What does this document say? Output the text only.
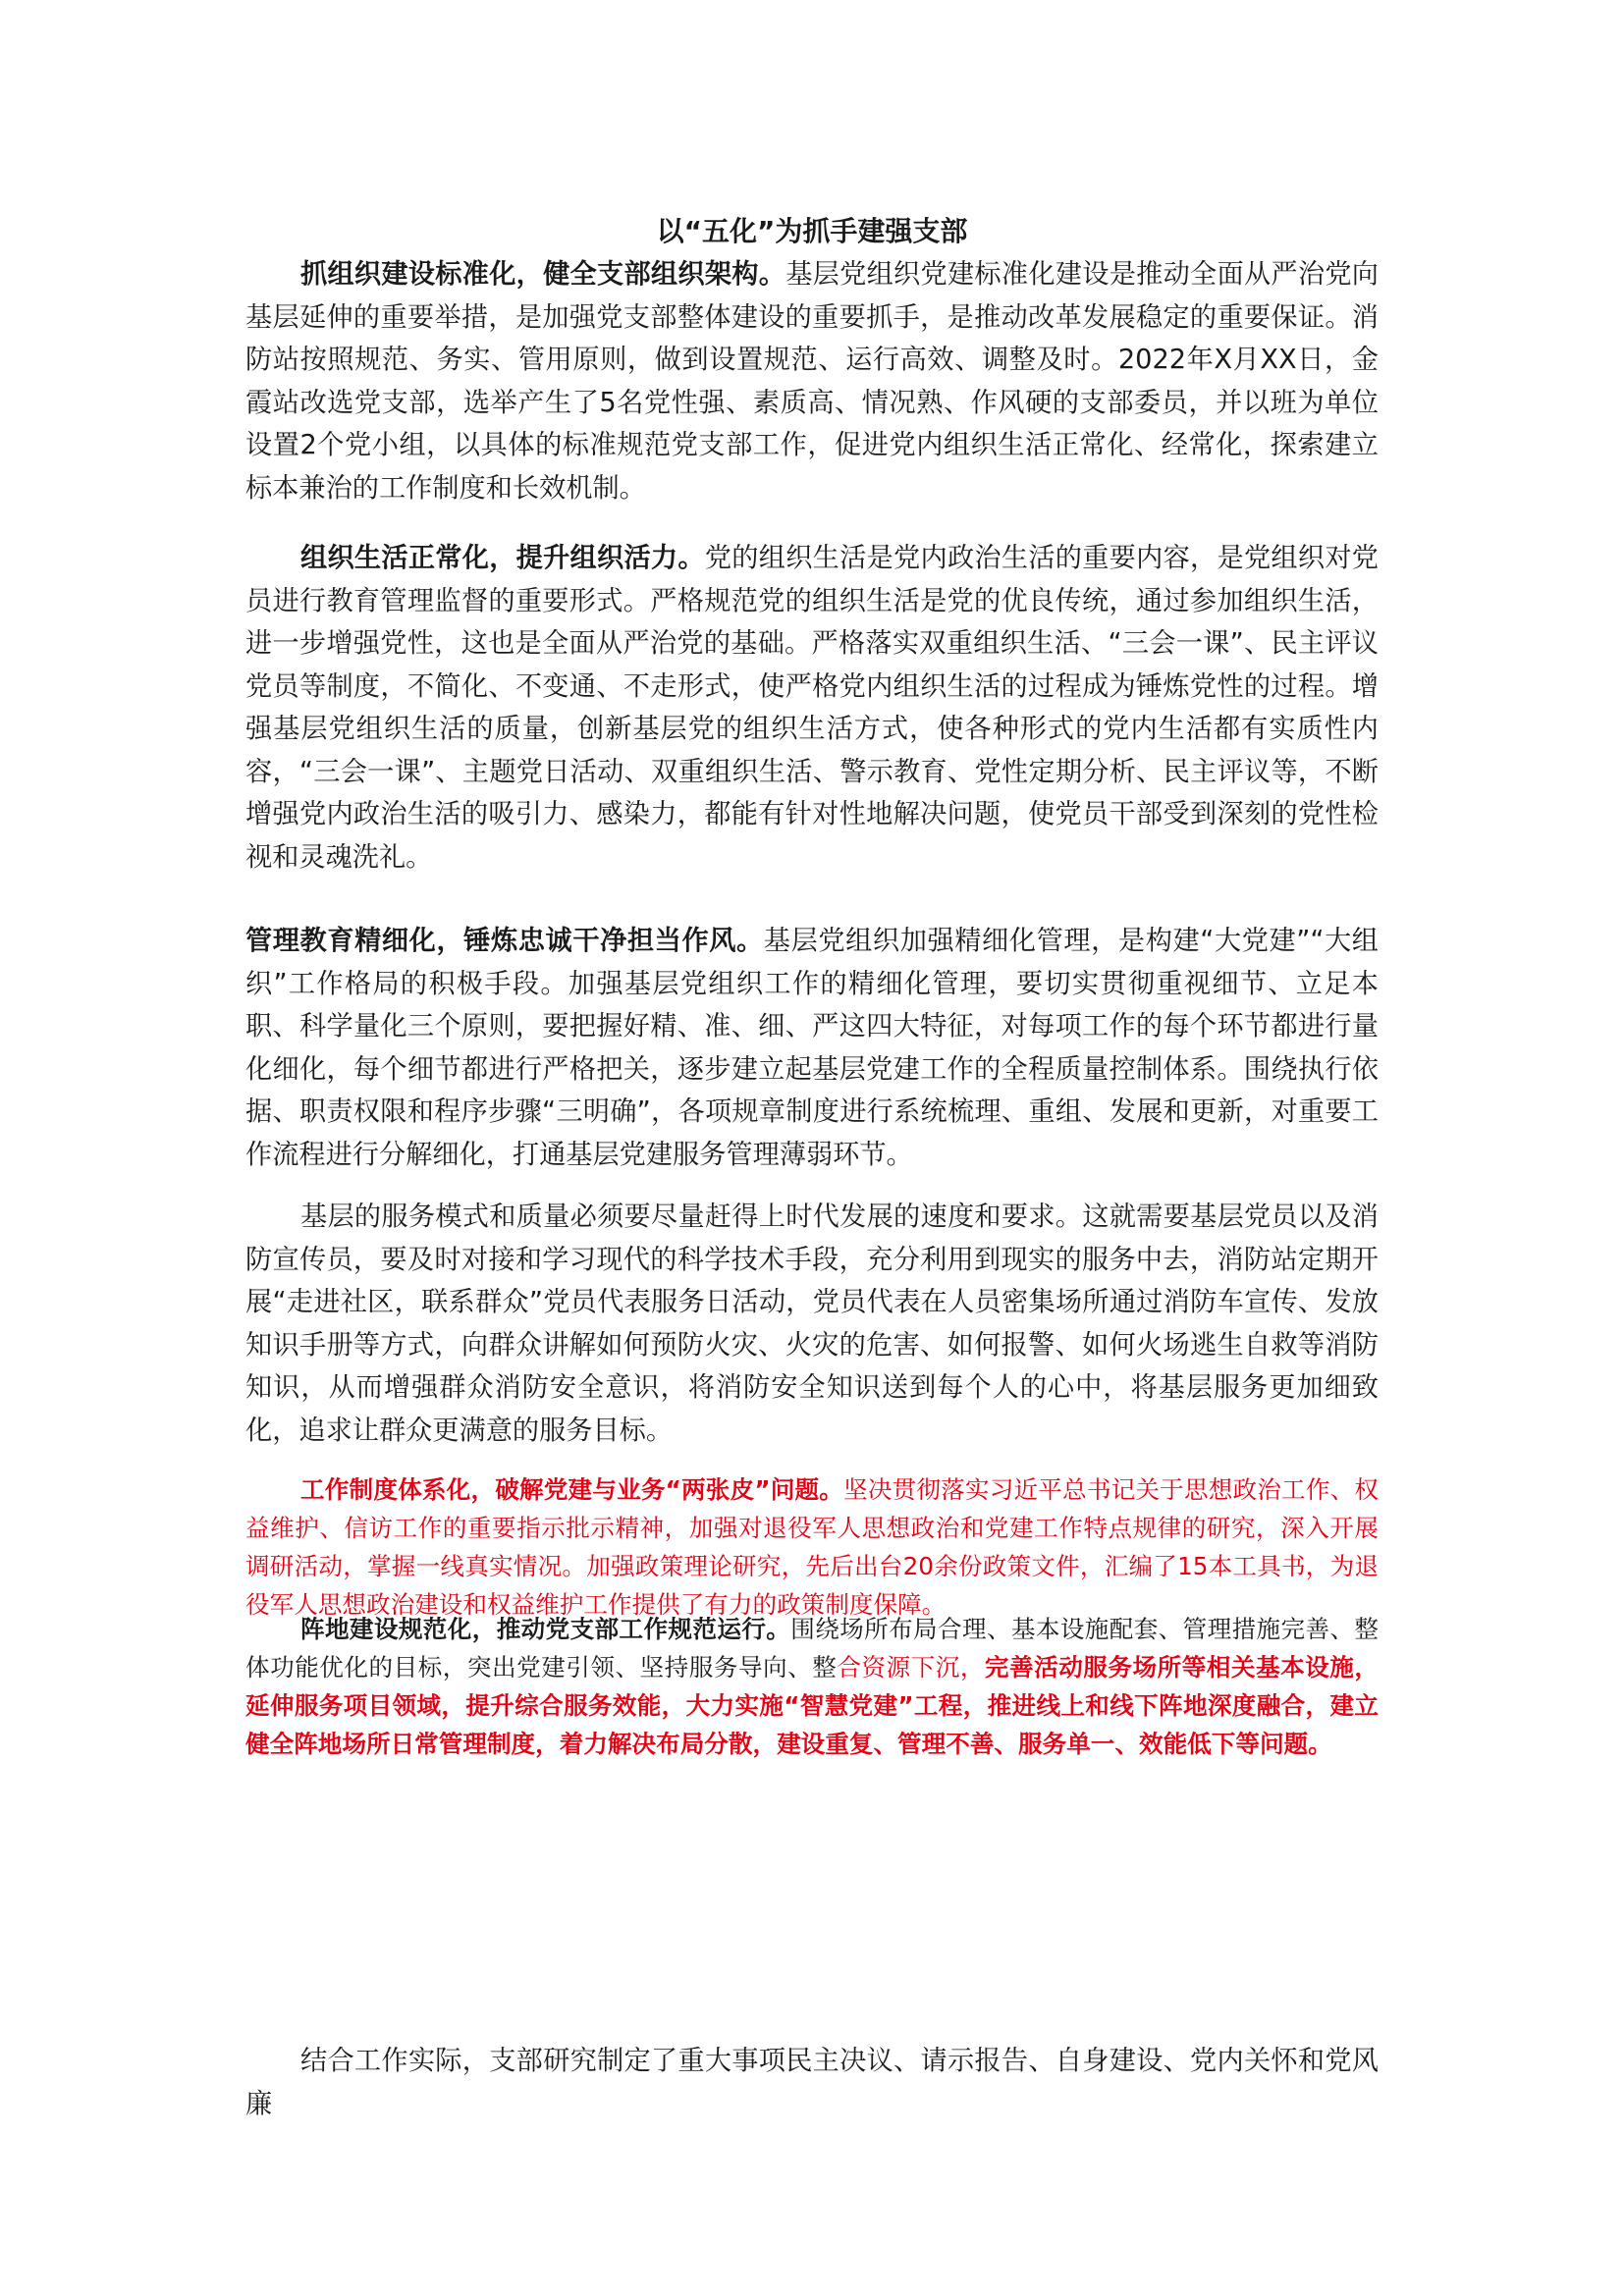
以“五化”为抓手建强支部

抓组织建设标准化，健全支部组织架构。基层党组织党建标准化建设是推动全面从严治党向基层延伸的重要举措，是加强党支部整体建设的重要抓手，是推动改革发展稳定的重要保证。消防站按照规范、务实、管用原则，做到设置规范、运行高效、调整及时。2022年X月XX日，金霞站改选党支部，选举产生了5名党性强、素质高、情况熟、作风硬的支部委员，并以班为单位设置2个党小组，以具体的标准规范党支部工作，促进党内组织生活正常化、经常化，探索建立标本兼治的工作制度和长效机制。

组织生活正常化，提升组织活力。党的组织生活是党内政治生活的重要内容，是党组织对党员进行教育管理监督的重要形式。严格规范党的组织生活是党的优良传统，通过参加组织生活，进一步增强党性，这也是全面从严治党的基础。严格落实双重组织生活、“三会一课”、民主评议党员等制度，不简化、不变通、不走形式，使严格党内组织生活的过程成为锤炼党性的过程。增强基层党组织生活的质量，创新基层党的组织生活方式，使各种形式的党内生活都有实质性内容，“三会一课”、主题党日活动、双重组织生活、警示教育、党性定期分析、民主评议等，不断增强党内政治生活的吸引力、感染力，都能有针对性地解决问题，使党员干部受到深刻的党性检视和灵魂洗礼。

管理教育精细化，锤炼忠诚干净担当作风。基层党组织加强精细化管理，是构建“大党建”“大组织”工作格局的积极手段。加强基层党组织工作的精细化管理，要切实贯彻重视细节、立足本职、科学量化三个原则，要把握好精、准、细、严这四大特征，对每项工作的每个环节都进行量化细化，每个细节都进行严格把关，逐步建立起基层党建工作的全程质量控制体系。围绕执行依据、职责权限和程序步骤“三明确”，各项规章制度进行系统梳理、重组、发展和更新，对重要工作流程进行分解细化，打通基层党建服务管理薄弱环节。

基层的服务模式和质量必须要尽量赶得上时代发展的速度和要求。这就需要基层党员以及消防宣传员，要及时对接和学习现代的科学技术手段，充分利用到现实的服务中去，消防站定期开展“走进社区，联系群众”党员代表服务日活动，党员代表在人员密集场所通过消防车宣传、发放知识手册等方式，向群众讲解如何预防火灾、火灾的危害、如何报警、如何火场逃生自救等消防知识，从而增强群众消防安全意识，将消防安全知识送到每个人的心中，将基层服务更加细致化，追求让群众更满意的服务目标。

工作制度体系化，破解党建与业务“两张皮”问题。坚决贯彻落实习近平总书记关于思想政治工作、权益维护、信访工作的重要指示批示精神，加强对退役军人思想政治和党建工作特点规律的研究，深入开展调研活动，掌握一线真实情况。加强政策理论研究，先后出台20余份政策文件，汇编了15本工具书，为退役军人思想政治建设和权益维护工作提供了有力的政策制度保障。

阵地建设规范化，推动党支部工作规范运行。围绕场所布局合理、基本设施配套、管理措施完善、整体功能优化的目标，突出党建引领、坚持服务导向、整合资源下沉，完善活动服务场所等相关基本设施，延伸服务项目领域，提升综合服务效能，大力实施“智慧党建”工程，推进线上和线下阵地深度融合，建立健全阵地场所日常管理制度，着力解决布局分散，建设重复、管理不善、服务单一、效能低下等问题。

结合工作实际，支部研究制定了重大事项民主决议、请示报告、自身建设、党内关怀和党风廉
